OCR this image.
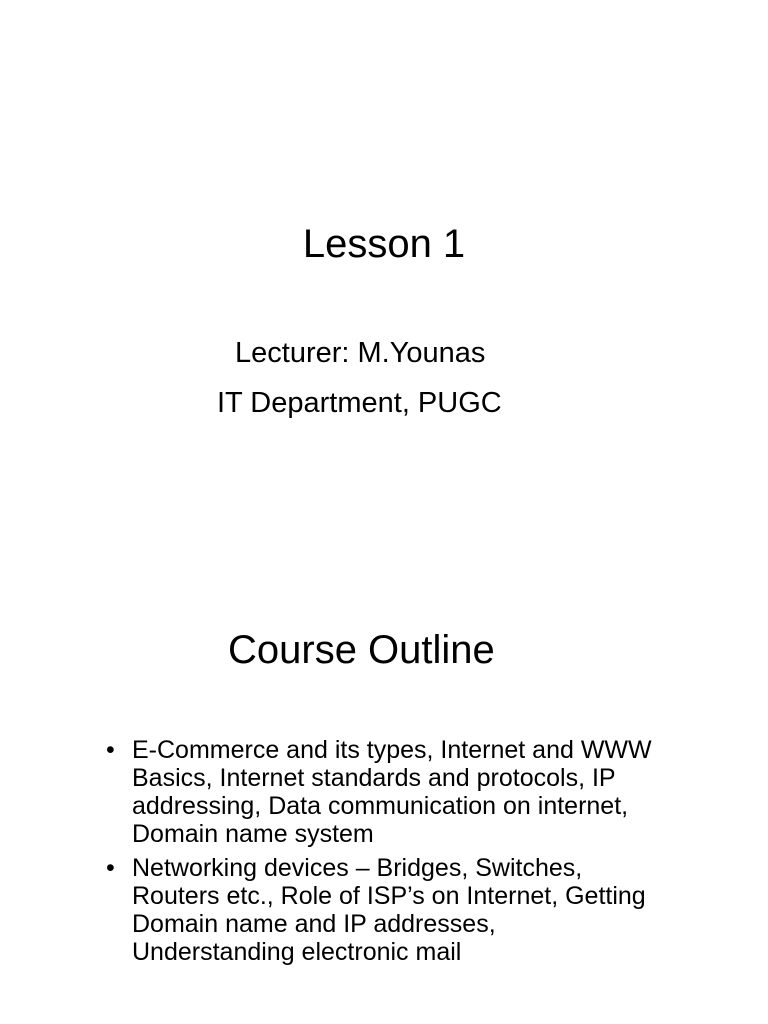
Lesson 1
Lecturer: M.Younas
IT Department, PUGC
Course Outline
• E-Commerce and its types, Internet and WWW
Basics, Internet standards and protocols, IP
addressing, Data communication on internet,
Domain name system
• Networking devices – Bridges, Switches,
Routers etc., Role of ISP’s on Internet, Getting
Domain name and IP addresses,
Understanding electronic mail
